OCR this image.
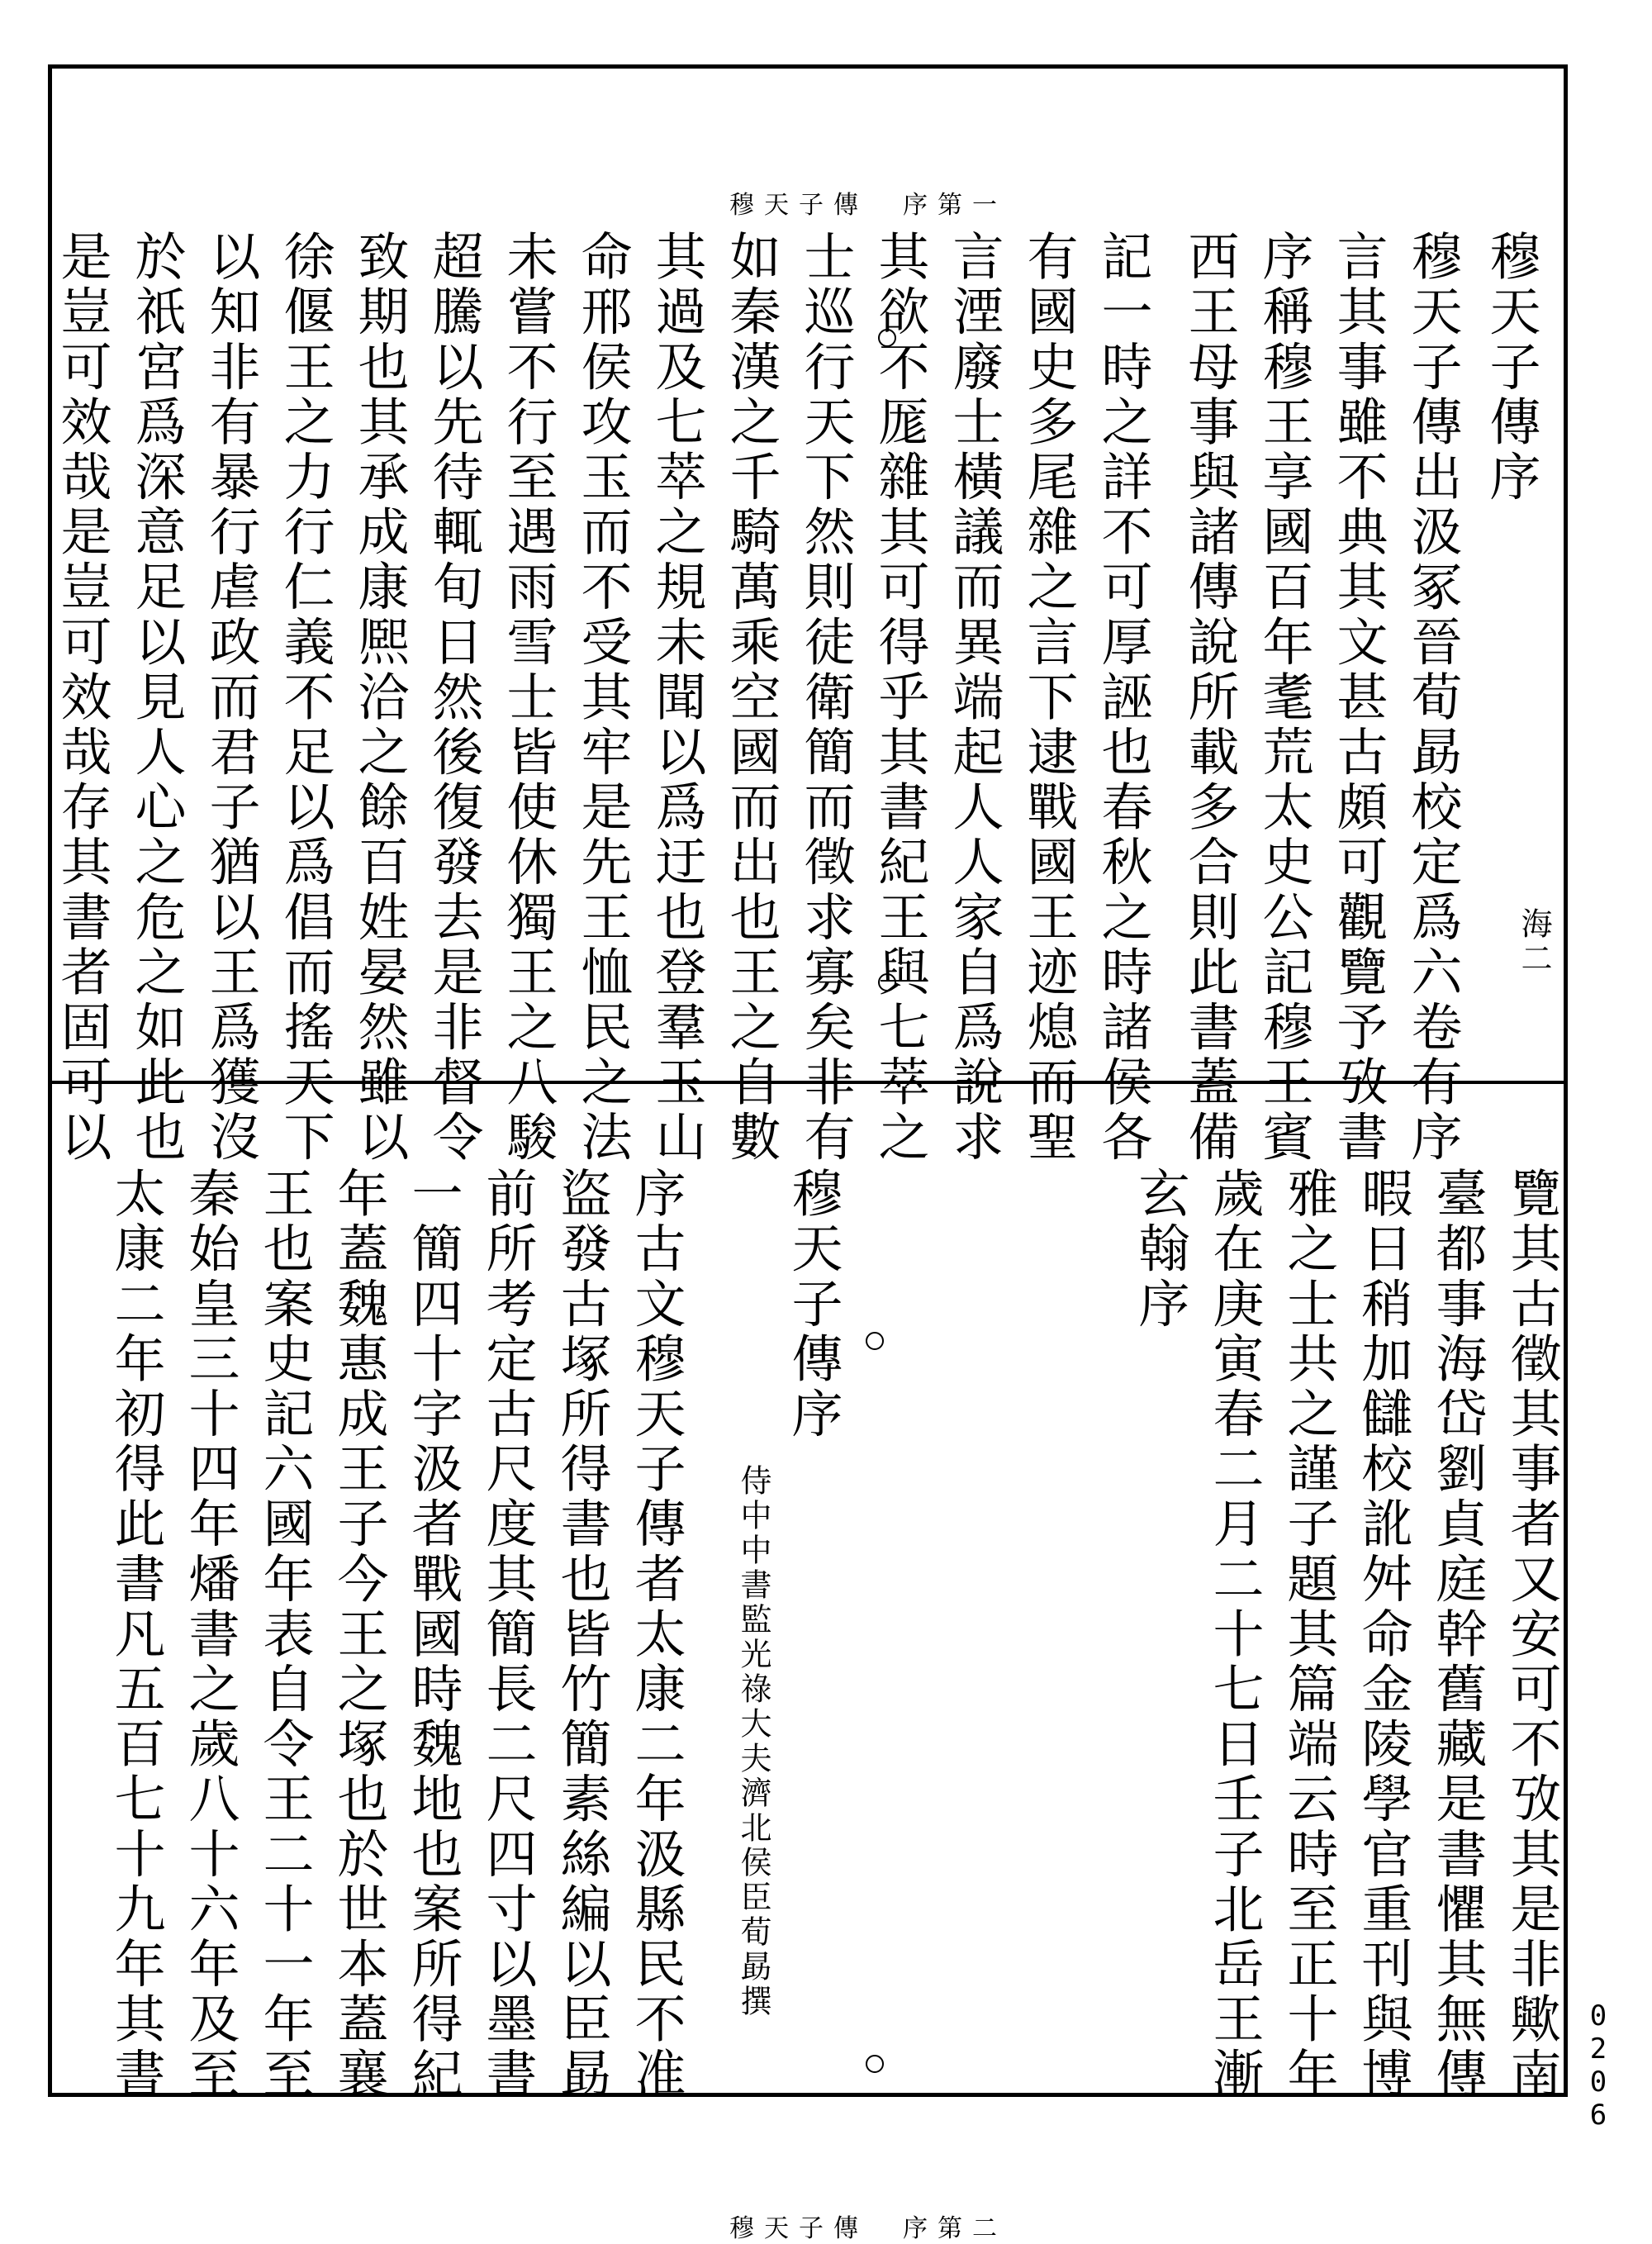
穆天子傳　序第一
穆天子傳序
穆天子傳出汲冢晉荀勗校定爲六卷有序
言其事雖不典其文甚古頗可觀覽予攷書
序稱穆王享國百年耄荒太史公記穆王賓
西王母事與諸傳說所載多合則此書蓋備
記一時之詳不可厚誣也春秋之時諸侯各
有國史多尾雜之言下逮戰國王迹熄而聖
言湮廢士橫議而異端起人人家自爲說求
其欲不厖雜其可得乎其書紀王與七萃之
士巡行天下然則徒衛簡而徵求寡矣非有
如秦漢之千騎萬乘空國而出也王之自數
其過及七萃之規未聞以爲迂也登羣玉山
命邢侯攻玉而不受其牢是先王恤民之法
未嘗不行至遇雨雪士皆使休獨王之八駿
超騰以先待輒旬日然後復發去是非督令
致期也其承成康熈洽之餘百姓晏然雖以
徐偃王之力行仁義不足以爲倡而搖天下
以知非有暴行虐政而君子猶以王爲獲沒
於祇宮爲深意足以見人心之危之如此也
是豈可效哉是豈可效哉存其書者固可以	海二
穆天子傳　序第二
覽其古徵其事者又安可不攷其是非歟南
臺都事海岱劉貞庭幹舊藏是書懼其無傳
暇日稍加讎校訛舛命金陵學官重刊與博
雅之士共之謹子題其篇端云時至正十年
歲在庚寅春二月二十七日壬子北岳王漸
玄翰序
穆天子傳序
序古文穆天子傳者太康二年汲縣民不准
盜發古塚所得書也皆竹簡素絲編以臣勗
前所考定古尺度其簡長二尺四寸以墨書
一簡四十字汲者戰國時魏地也案所得紀
年蓋魏惠成王子今王之塚也於世本蓋襄
王也案史記六國年表自令王二十一年至
秦始皇三十四年燔書之歲八十六年及至
太康二年初得此書凡五百七十九年其書	侍中中書監光祿大夫濟北侯臣荀勗撰
0206
